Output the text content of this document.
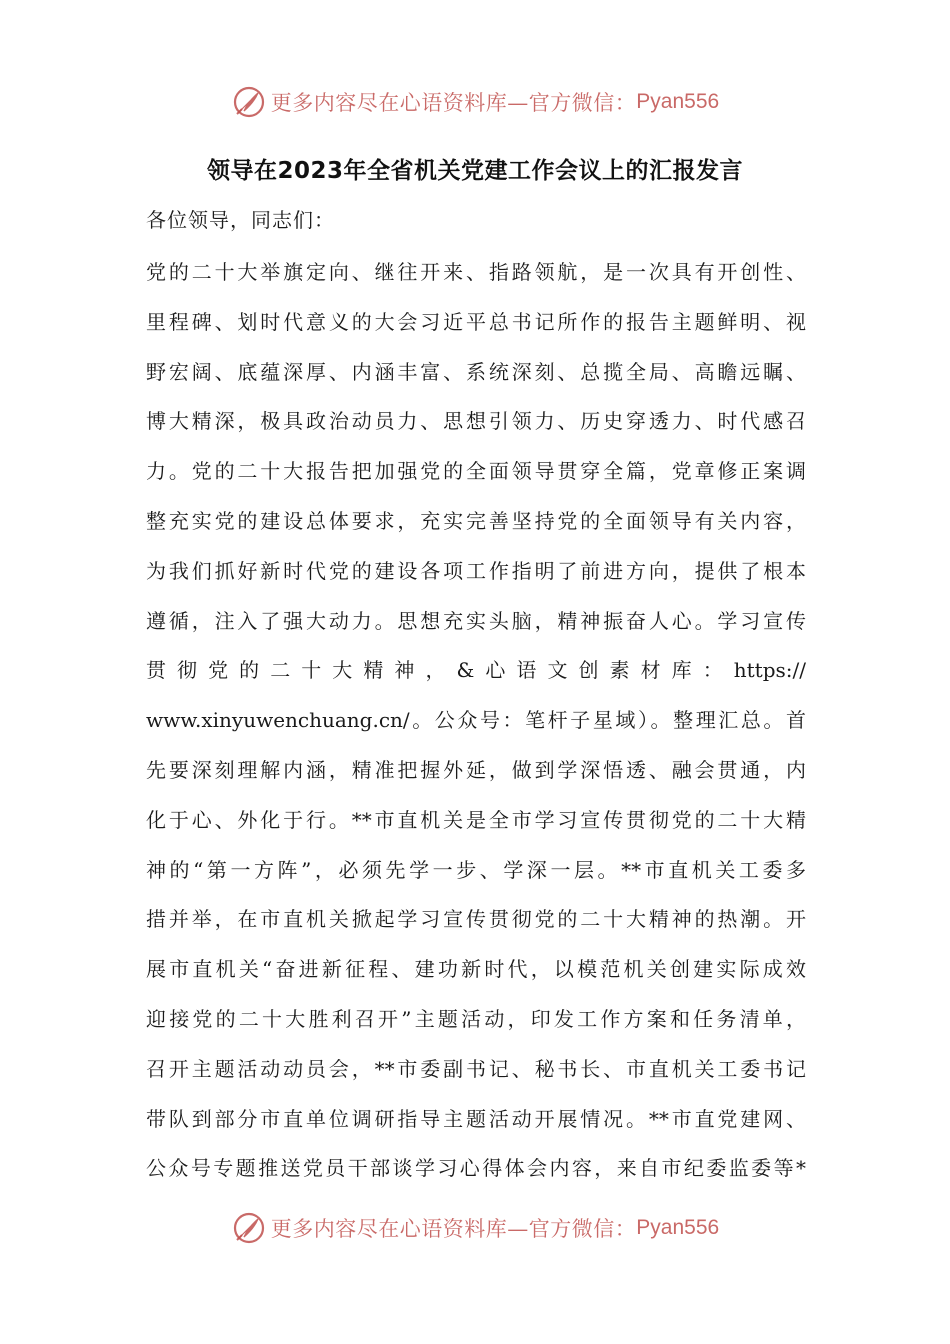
更多内容尽在心语资料库—官方微信： Pyan556
领导在2023年全省机关党建工作会议上的汇报发言
各位领导，同志们：
党的二十大举旗定向、继往开来、指路领航，是一次具有开创性、
里程碑、划时代意义的大会习近平总书记所作的报告主题鲜明、视
野宏阔、底蕴深厚、内涵丰富、系统深刻、总揽全局、高瞻远瞩、
博大精深，极具政治动员力、思想引领力、历史穿透力、时代感召
力。党的二十大报告把加强党的全面领导贯穿全篇，党章修正案调
整充实党的建设总体要求，充实完善坚持党的全面领导有关内容，
为我们抓好新时代党的建设各项工作指明了前进方向，提供了根本
遵循，注入了强大动力。思想充实头脑，精神振奋人心。学习宣传
贯彻党的二十大精神，&心语文创素材库：https://
www.xinyuwenchuang.cn/。公众号：笔杆子星域）。整理汇总。首
先要深刻理解内涵，精准把握外延，做到学深悟透、融会贯通，内
化于心、外化于行。**市直机关是全市学习宣传贯彻党的二十大精
神的“第一方阵”，必须先学一步、学深一层。**市直机关工委多
措并举，在市直机关掀起学习宣传贯彻党的二十大精神的热潮。开
展市直机关“奋进新征程、建功新时代，以模范机关创建实际成效
迎接党的二十大胜利召开”主题活动，印发工作方案和任务清单，
召开主题活动动员会，**市委副书记、秘书长、市直机关工委书记
带队到部分市直单位调研指导主题活动开展情况。**市直党建网、
公众号专题推送党员干部谈学习心得体会内容，来自市纪委监委等*
更多内容尽在心语资料库—官方微信： Pyan556
